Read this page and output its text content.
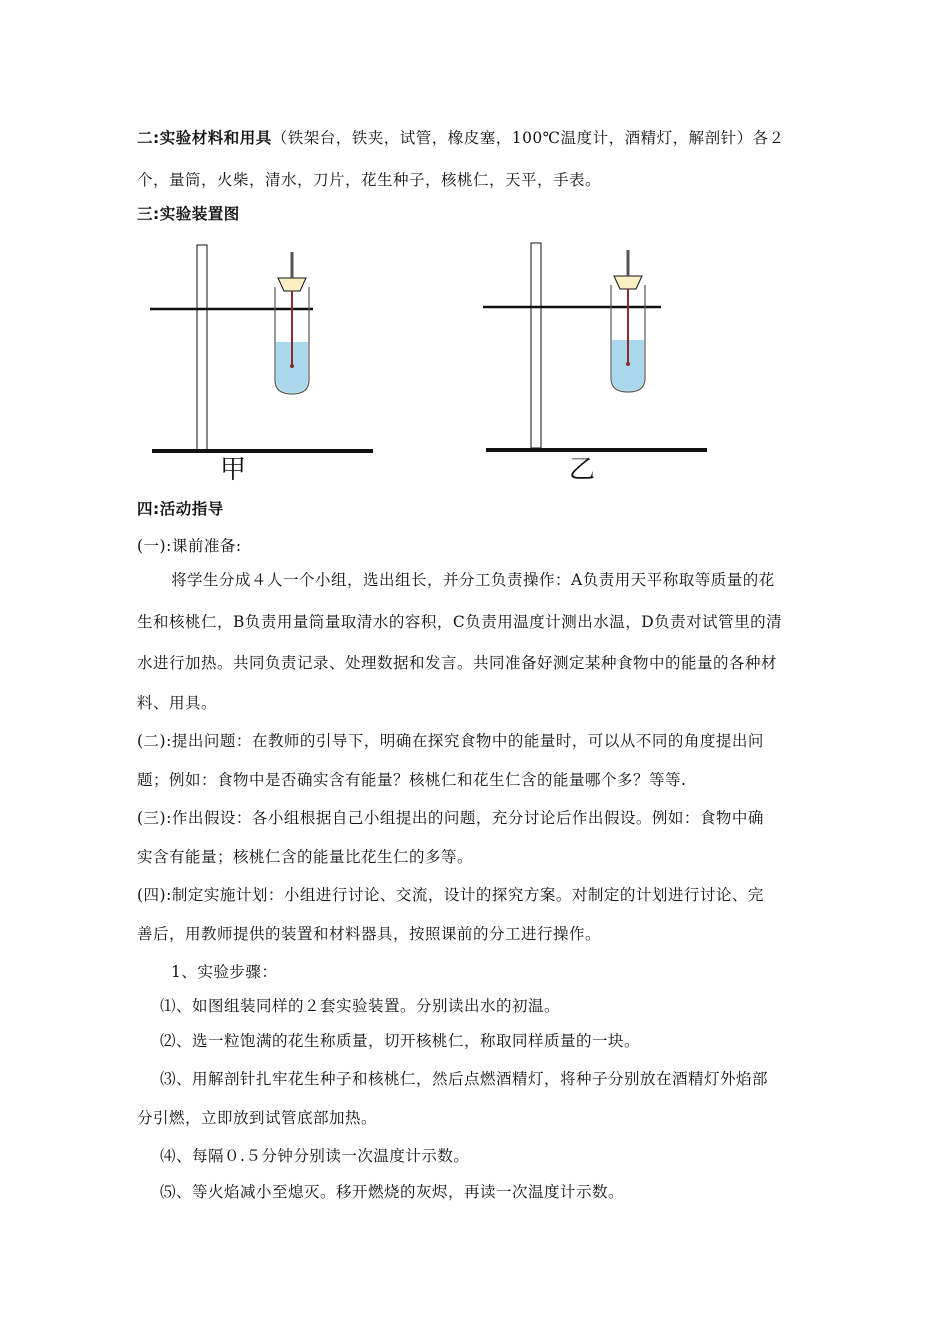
二:实验材料和用具（铁架台，铁夹，试管，橡皮塞，100℃温度计，酒精灯，解剖针）各２
个，量筒，火柴，清水，刀片，花生种子，核桃仁，天平，手表。
三:实验装置图
甲	乙
四:活动指导
(一):课前准备:
将学生分成４人一个小组，选出组长，并分工负责操作：A负责用天平称取等质量的花
生和核桃仁，B负责用量筒量取清水的容积，C负责用温度计测出水温，D负责对试管里的清
水进行加热。共同负责记录、处理数据和发言。共同准备好测定某种食物中的能量的各种材
料、用具。
(二):提出问题：在教师的引导下，明确在探究食物中的能量时，可以从不同的角度提出问
题；例如：食物中是否确实含有能量？核桃仁和花生仁含的能量哪个多？等等.
(三):作出假设：各小组根据自己小组提出的问题，充分讨论后作出假设。例如：食物中确
实含有能量；核桃仁含的能量比花生仁的多等。
(四):制定实施计划：小组进行讨论、交流，设计的探究方案。对制定的计划进行讨论、完
善后，用教师提供的装置和材料器具，按照课前的分工进行操作。
1、实验步骤：
⑴、如图组装同样的２套实验装置。分别读出水的初温。
⑵、选一粒饱满的花生称质量，切开核桃仁，称取同样质量的一块。
⑶、用解剖针扎牢花生种子和核桃仁，然后点燃酒精灯，将种子分别放在酒精灯外焰部
分引燃，立即放到试管底部加热。
⑷、每隔０.５分钟分别读一次温度计示数。
⑸、等火焰减小至熄灭。移开燃烧的灰烬，再读一次温度计示数。
